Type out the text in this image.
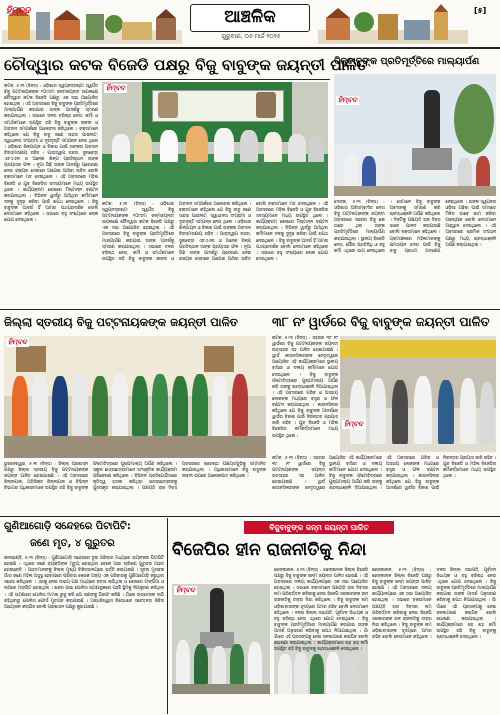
ହିମ୍ବଦ	ଆଞ୍ଚଳିକ
ଗୁରୁବାର, ୦୬ ମାର୍ଚ୍ଚ ୨୦୨୫
[୫]
ଚୌଦ୍ୱାର କଟକ ବିଜେଡି ପକ୍ଷରୁ ବିଜୁ ବାବୁଙ୍କ ଜୟନ୍ତୀ ପାଳିତ
ହିମ୍ବଦ
କଟକ, ୫।୩ (ବିନ୍ସ) : ଓଡ଼ିଶାର ସ୍ୱପ୍ନଦ୍ରଷ୍ଟା ସ୍ୱର୍ଗତ ବିଜୁ ପଟ୍ଟନାୟକଙ୍କ ୧୦୯ତମ ଜନ୍ମଜୟନ୍ତୀ ଉପଲକ୍ଷେ ଚୌଦ୍ୱାର କଟକ ବିଜେଡି ପକ୍ଷରୁ ଏକ ସଭା ଆୟୋଜିତ ହୋଇଥିଲା । ଏହି ଅବସରରେ ବିଜୁ ବାବୁଙ୍କ ପ୍ରତିମୂର୍ତ୍ତିରେ ମାଲ୍ୟାର୍ପଣ କରାଯାଇ ତାଙ୍କ ଆଦର୍ଶକୁ ସ୍ମରଣ କରାଯାଇଥିଲା । ସଭାରେ ଦଳର ବରିଷ୍ଠ ନେତା, କର୍ମୀ ଓ ସମର୍ଥକମାନେ ଉପସ୍ଥିତ ରହି ବିଜୁ ବାବୁଙ୍କ ଜୀବନୀ ଓ ଅବଦାନ ସମ୍ପର୍କରେ ଆଲୋଚନା କରିଥିଲେ । ବକ୍ତାମାନେ କହିଥିଲେ ଯେ ବିଜୁ ବାବୁ ଜଣେ ସାହସୀ ପାଇଲଟ, ସ୍ୱାଧୀନତା ସଂଗ୍ରାମୀ ଓ ଦୂରଦୃଷ୍ଟି ସମ୍ପନ୍ନ ନେତା ଥିଲେ । ଓଡ଼ିଶାର ଶିଳ୍ପାୟନ ଓ ବିକାଶ ପାଇଁ ତାଙ୍କର ଅବଦାନ ଚିରସ୍ମରଣୀୟ ରହିବ । ପାରାଦ୍ୱୀପ ବନ୍ଦର, ସୁନାବେଡ଼ା ଏଚଏଏଲ ଓ ଅନେକ ଶିଳ୍ପ ପ୍ରତିଷ୍ଠାନ ତାଙ୍କ ପ୍ରୟାସର ଫଳ । ନୂଆ ପିଢ଼ି ତାଙ୍କ ଆଦର୍ଶରୁ ପ୍ରେରଣା ନେଇ ରାଜ୍ୟର ସେବାରେ ଆଗେଇ ଆସିବା ଉଚିତ ବୋଲି ବକ୍ତାମାନେ ମତ ଦେଇଥିଲେ । ଏହି ଅବସରରେ ମହିଳା ବିଜେଡି ଓ ଯୁବ ବିଜେଡିର ସଦସ୍ୟମାନେ ମଧ୍ୟ ଉପସ୍ଥିତ ଥିଲେ । କାର୍ଯ୍ୟକ୍ରମ ଶେଷରେ ମିଷ୍ଟାନ୍ନ ବଣ୍ଟନ କରାଯାଇଥିଲା । ବିଭିନ୍ନ ୱାର୍ଡରୁ ଆସିଥିବା କର୍ମୀମାନେ ଦଳକୁ ସୁଦୃଢ଼ କରିବା ପାଇଁ ଶପଥ ନେଇଥିଲେ । ବିଜୁ ବାବୁଙ୍କ ଆଦର୍ଶ ହିଁ ଆମର ପଥପ୍ରଦର୍ଶକ ବୋଲି ନେତାମାନେ କହିଥିଲେ । ସଭାରେ ବହୁ ସଂଖ୍ୟାରେ ଲୋକ ଯୋଗ ଦେଇଥିଲେ ।
କଟକ, ୫।୩ (ବିନ୍ସ) : ଓଡ଼ିଶାର ସ୍ୱପ୍ନଦ୍ରଷ୍ଟା ସ୍ୱର୍ଗତ ବିଜୁ ପଟ୍ଟନାୟକଙ୍କ ୧୦୯ତମ ଜନ୍ମଜୟନ୍ତୀ ଉପଲକ୍ଷେ ଚୌଦ୍ୱାର କଟକ ବିଜେଡି ପକ୍ଷରୁ ଏକ ସଭା ଆୟୋଜିତ ହୋଇଥିଲା । ଏହି ଅବସରରେ ବିଜୁ ବାବୁଙ୍କ ପ୍ରତିମୂର୍ତ୍ତିରେ ମାଲ୍ୟାର୍ପଣ କରାଯାଇ ତାଙ୍କ ଆଦର୍ଶକୁ ସ୍ମରଣ କରାଯାଇଥିଲା । ସଭାରେ ଦଳର ବରିଷ୍ଠ ନେତା, କର୍ମୀ ଓ ସମର୍ଥକମାନେ ଉପସ୍ଥିତ ରହି ବିଜୁ ବାବୁଙ୍କ ଜୀବନୀ ଓ ଅବଦାନ ସମ୍ପର୍କରେ ଆଲୋଚନା କରିଥିଲେ । ବକ୍ତାମାନେ କହିଥିଲେ ଯେ ବିଜୁ ବାବୁ ଜଣେ ସାହସୀ ପାଇଲଟ, ସ୍ୱାଧୀନତା ସଂଗ୍ରାମୀ ଓ ଦୂରଦୃଷ୍ଟି ସମ୍ପନ୍ନ ନେତା ଥିଲେ । ଓଡ଼ିଶାର ଶିଳ୍ପାୟନ ଓ ବିକାଶ ପାଇଁ ତାଙ୍କର ଅବଦାନ ଚିରସ୍ମରଣୀୟ ରହିବ । ପାରାଦ୍ୱୀପ ବନ୍ଦର, ସୁନାବେଡ଼ା ଏଚଏଏଲ ଓ ଅନେକ ଶିଳ୍ପ ପ୍ରତିଷ୍ଠାନ ତାଙ୍କ ପ୍ରୟାସର ଫଳ । ନୂଆ ପିଢ଼ି ତାଙ୍କ ଆଦର୍ଶରୁ ପ୍ରେରଣା ନେଇ ରାଜ୍ୟର ସେବାରେ ଆଗେଇ ଆସିବା ଉଚିତ ବୋଲି ବକ୍ତାମାନେ ମତ ଦେଇଥିଲେ । ଏହି ଅବସରରେ ମହିଳା ବିଜେଡି ଓ ଯୁବ ବିଜେଡିର ସଦସ୍ୟମାନେ ମଧ୍ୟ ଉପସ୍ଥିତ ଥିଲେ । କାର୍ଯ୍ୟକ୍ରମ ଶେଷରେ ମିଷ୍ଟାନ୍ନ ବଣ୍ଟନ କରାଯାଇଥିଲା । ବିଭିନ୍ନ ୱାର୍ଡରୁ ଆସିଥିବା କର୍ମୀମାନେ ଦଳକୁ ସୁଦୃଢ଼ କରିବା ପାଇଁ ଶପଥ ନେଇଥିଲେ । ବିଜୁ ବାବୁଙ୍କ ଆଦର୍ଶ ହିଁ ଆମର ପଥପ୍ରଦର୍ଶକ ବୋଲି ନେତାମାନେ କହିଥିଲେ । ସଭାରେ ବହୁ ସଂଖ୍ୟାରେ ଲୋକ ଯୋଗ ଦେଇଥିଲେ ।
ବିଜୁବାବୁଙ୍କ ପ୍ରତିମୂର୍ତ୍ତିରେ ମାଲ୍ୟାର୍ପଣ
ହିମ୍ବଦ
ଦେଙ୍କ, ୫।୩ (ବିନ୍ସ) : ଓଡ଼ିଶାର ଅବିସମ୍ବାଦିତ ନେତା ବିଜୁ ପଟ୍ଟନାୟକଙ୍କ ଜୟନ୍ତୀ ଅବସରରେ ସହରର ବିଜୁ ଛକ ଠାରେ ଥିବା ତାଙ୍କ ପ୍ରତିମୂର୍ତ୍ତିରେ ମାଲ୍ୟାର୍ପଣ କରାଯାଇଥିଲା । ସ୍ଥାନୀୟ ବିଜେଡି ନେତା, ପୌର ପ୍ରତିନିଧି ଓ ବହୁ କର୍ମୀ ଏଥିରେ ଭାଗ ନେଇଥିଲେ । ସେମାନେ ବିଜୁ ବାବୁଙ୍କ ଅବଦାନକୁ ସ୍ମରଣ କରି ଶ୍ରଦ୍ଧାଞ୍ଜଳି ଅର୍ପଣ କରିଥିଲେ । ଦିନଟିକୁ ପଞ୍ଚାୟତି ରାଜ ଦିବସ ଭାବେ ପାଳନ କରାଯାଉଛି ବୋଲି ବକ୍ତାମାନେ କହିଥିଲେ । ଗ୍ରାମାଞ୍ଚଳରେ ମହିଳାମାନଙ୍କୁ କ୍ଷମତାୟନ ଦେବା ପାଇଁ ବିଜୁ ବାବୁ ପ୍ରଥମ ପଦକ୍ଷେପ ନେଇଥିଲେ । ତାଙ୍କ ସ୍ୱପ୍ନର ଓଡ଼ିଶା ଗଢ଼ିବା ପାଇଁ ସମସ୍ତେ ମିଳିତ ଭାବେ କାମ କରିବା ଆବଶ୍ୟକ ବୋଲି ନେତାମାନେ ଆହ୍ୱାନ ଦେଇଥିଲେ । ଏହି ଅବସରରେ ଶ୍ରମିକ ସଂଗଠନ ପକ୍ଷରୁ ମଧ୍ୟ ଶ୍ରଦ୍ଧାଞ୍ଜଳି ଅର୍ପଣ କରାଯାଇଥିଲା ।
ଜିଲ୍ଲା ସ୍ତରୀୟ ବିଜୁ ପଟ୍ଟନାୟକଙ୍କ ଜୟନ୍ତୀ ପାଳିତ
ହିମ୍ବଦ
ଭୁବନେଶ୍ୱର, ୫।୩ (ବିନ୍ସ) : ଜିଲ୍ଲା ପ୍ରଶାସନ ପକ୍ଷରୁ ଜିଲ୍ଲା ସ୍ତରୀୟ ବିଜୁ ପଟ୍ଟନାୟକଙ୍କ ଜୟନ୍ତୀ ପାଳିତ ହୋଇଯାଇଛି । ଏହି ଅବସରରେ ଜିଲ୍ଲାପାଳ, ଅତିରିକ୍ତ ଜିଲ୍ଲାପାଳ ଓ ବିଭିନ୍ନ ବିଭାଗର ଅଧିକାରୀମାନେ ଉପସ୍ଥିତ ରହି ବିଜୁ ବାବୁଙ୍କ ଫଟୋଚିତ୍ରରେ ପୁଷ୍ପମାଲ୍ୟ ଅର୍ପଣ କରିଥିଲେ । ସ୍କୁଲ ଛାତ୍ରଛାତ୍ରୀମାନେ ସାଂସ୍କୃତିକ କାର୍ଯ୍ୟକ୍ରମ ପରିବେଷଣ କରିଥିଲେ । ବିଭିନ୍ନ ପ୍ରତିଯୋଗିତାରେ କୃତିତ୍ୱ ହାସଲ କରିଥିବା ଛାତ୍ରଛାତ୍ରୀଙ୍କୁ ପୁରସ୍କୃତ କରାଯାଇଥିଲା । ପଞ୍ଚାୟତି ରାଜ ଦିବସ ଅବସରରେ ଶ୍ରେଷ୍ଠ ପଞ୍ଚାୟତଗୁଡ଼ିକୁ ସମ୍ମାନିତ କରାଯାଇଥିଲା । ଅଧିକାରୀମାନେ ବିଜୁ ବାବୁଙ୍କ ଜୀବନୀ ଉପରେ ଆଲୋକପାତ କରିଥିଲେ ।
୩୮ ନଂ ୱାର୍ଡରେ ବିଜୁ ବାବୁଙ୍କ ଜୟନ୍ତୀ ପାଳିତ
କଟକ, ୫।୩ (ବିନ୍ସ) : ସହରର ୩୮ ନଂ ୱାର୍ଡରେ ବିଜୁ ପଟ୍ଟନାୟକଙ୍କ ଜୟନ୍ତୀ ଉତ୍ସାହର ସହ ପାଳିତ ହୋଇଯାଇଛି । ୱାର୍ଡ କାଉନସିଲରଙ୍କ ନେତୃତ୍ୱରେ ଆୟୋଜିତ ଏହି କାର୍ଯ୍ୟକ୍ରମରେ ସ୍ଥାନୀୟ ବାସିନ୍ଦା ଓ ଦଳୀୟ କର୍ମୀମାନେ ଯୋଗ ଦେଇଥିଲେ । ବିଜୁ ବାବୁଙ୍କ ଫଟୋଚିତ୍ରରେ ପୁଷ୍ପମାଲ୍ୟ ଅର୍ପଣ କରି ତାଙ୍କୁ ଶ୍ରଦ୍ଧାଞ୍ଜଳି ଦିଆଯାଇଥିଲା । ଏହି ଅବସରରେ ଗରିବ ଓ ଅସହାୟ ଲୋକଙ୍କ ମଧ୍ୟରେ ବସ୍ତ୍ର ଓ ଫଳ ବଣ୍ଟନ କରାଯାଇଥିଲା । କାଉନସିଲର କହିଥିଲେ ଯେ ବିଜୁ ବାବୁଙ୍କ ଆଦର୍ଶରେ ୱାର୍ଡର ବିକାଶ ପାଇଁ ନିରନ୍ତର ପ୍ରୟାସ ଜାରି ରହିବ । ଯୁବ ବିଜେଡି ଓ ମହିଳା ବିଜେଡିର କର୍ମକର୍ତ୍ତାମାନେ ମଧ୍ୟ ଉପସ୍ଥିତ ଥିଲେ ।
ହିମ୍ବଦ
କଟକ, ୫।୩ (ବିନ୍ସ) : ସହରର ୩୮ ନଂ ୱାର୍ଡରେ ବିଜୁ ପଟ୍ଟନାୟକଙ୍କ ଜୟନ୍ତୀ ଉତ୍ସାହର ସହ ପାଳିତ ହୋଇଯାଇଛି । ୱାର୍ଡ କାଉନସିଲରଙ୍କ ନେତୃତ୍ୱରେ ଆୟୋଜିତ ଏହି କାର୍ଯ୍ୟକ୍ରମରେ ସ୍ଥାନୀୟ ବାସିନ୍ଦା ଓ ଦଳୀୟ କର୍ମୀମାନେ ଯୋଗ ଦେଇଥିଲେ । ବିଜୁ ବାବୁଙ୍କ ଫଟୋଚିତ୍ରରେ ପୁଷ୍ପମାଲ୍ୟ ଅର୍ପଣ କରି ତାଙ୍କୁ ଶ୍ରଦ୍ଧାଞ୍ଜଳି ଦିଆଯାଇଥିଲା । ଏହି ଅବସରରେ ଗରିବ ଓ ଅସହାୟ ଲୋକଙ୍କ ମଧ୍ୟରେ ବସ୍ତ୍ର ଓ ଫଳ ବଣ୍ଟନ କରାଯାଇଥିଲା । କାଉନସିଲର କହିଥିଲେ ଯେ ବିଜୁ ବାବୁଙ୍କ ଆଦର୍ଶରେ ୱାର୍ଡର ବିକାଶ ପାଇଁ ନିରନ୍ତର ପ୍ରୟାସ ଜାରି ରହିବ । ଯୁବ ବିଜେଡି ଓ ମହିଳା ବିଜେଡିର କର୍ମକର୍ତ୍ତାମାନେ ମଧ୍ୟ ଉପସ୍ଥିତ ଥିଲେ ।
ଗୁଣିଆଗୋଡ଼ି ସନ୍ଦେହରେ ପିଟାପିଟି:
ଜଣେ ମୃତ, ୪ ଗୁରୁତର
କାଳାହାଣ୍ଡି, ୫।୩ (ବିନ୍ସ) : ଗୁଣିଆଗୋଡ଼ି ସନ୍ଦେହରେ ଦୁଇ ପରିବାର ମଧ୍ୟରେ ଭୟଙ୍କର ପିଟାପିଟି ହୋଇଛି । ଏଥିରେ ଜଣେ ବ୍ୟକ୍ତିଙ୍କ ମୃତ୍ୟୁ ହୋଇଥିବା ବେଳେ ଆଉ ଚାରିଜଣ ଗୁରୁତର ଆହତ ହୋଇଛନ୍ତି । ଆହତମାନଙ୍କୁ ଜିଲ୍ଲା ମୁଖ୍ୟ ଚିକିତ୍ସାଳୟରେ ଭର୍ତ୍ତି କରାଯାଇଛି । ସୂଚନା ମୁତାବକ ଗାଁର ଜଣେ ମହିଳା ଅସୁସ୍ଥ ହେବାପରେ ପରିବାର ଲୋକେ ଅନ୍ୟ ଏକ ପରିବାରକୁ ଗୁଣିଆଗୋଡ଼ି କରୁଥିବା ସନ୍ଦେହ କରିଥିଲେ । ଏହାକୁ ନେଇ ଉଭୟ ପକ୍ଷ ମଧ୍ୟରେ ବଚସା ଲାଗିଥିଲା ଓ ଶେଷରେ ଟାଙ୍ଗିଆ ଓ ଲାଠିରେ ମାଡ଼ପିଟ ହୋଇଥିଲା । ଖବର ପାଇ ପୋଲିସ ଘଟଣାସ୍ଥଳରେ ପହଞ୍ଚି ସ୍ଥିତିକୁ ନିୟନ୍ତ୍ରଣ କରିଥିଲା । ଏହି ଘଟଣାରେ ପୋଲିସ ମାମଲା ରୁଜୁ କରି ଛଅ ଜଣଙ୍କୁ ଗିରଫ କରିଛି । ଗାଁରେ ଉତ୍ତେଜନା ଲାଗି ରହିଥିବାରୁ ପୋଲିସ ଫୋର୍ସ ମୁତୟନ କରାଯାଇଛି । ଅନ୍ଧବିଶ୍ୱାସ ବିରୋଧରେ ସଚେତନତା ଶିବିର ଆୟୋଜନ କରାଯିବ ବୋଲି ପ୍ରଶାସନ ପକ୍ଷରୁ କୁହାଯାଇଛି ।
ବିଜୁବାବୁଙ୍କ ଜନ୍ମ ଜୟନ୍ତୀ ପାଳିତ
ବିଜେପିର ହୀନ ରାଜନୀତିକୁ ନିନ୍ଦା
ହିମ୍ବଦ
ଢେଙ୍କାନାଳ, ୫।୩ (ବିନ୍ସ) : ଢେଙ୍କାନାଳ ଜିଲ୍ଲା ବିଜେଡି ପକ୍ଷରୁ ବିଜୁ ବାବୁଙ୍କ ଜନ୍ମ ଜୟନ୍ତୀ ପାଳିତ ହୋଇଛି । ଏହି ଅବସରରେ ଦଳୀୟ କାର୍ଯ୍ୟାଳୟରେ ଏକ ସଭା ଆୟୋଜିତ ହୋଇଥିଲା । ସଭାରେ ବକ୍ତାମାନେ ପଞ୍ଚାୟତି ରାଜ ଦିବସର ନାମ ପରିବର୍ତ୍ତନ କରିବାକୁ ନେଇ ବିଜେପି ସରକାରଙ୍କ ହୀନ ରାଜନୀତିକୁ ତୀବ୍ର ନିନ୍ଦା କରିଥିଲେ । ବିଜୁ ବାବୁଙ୍କ ନାମ ଓଡ଼ିଶାବାସୀଙ୍କ ହୃଦୟରେ ଅମର ରହିବ ବୋଲି ନେତାମାନେ କହିଥିଲେ । ଦଳର ଜିଲ୍ଲା ସଭାପତି, ପୂର୍ବତନ ବିଧାୟକ ଓ ବହୁ ବରିଷ୍ଠ ନେତା ଏଥିରେ ଯୋଗ ଦେଇଥିଲେ । ବିଜୁ ବାବୁଙ୍କ ପ୍ରତିମୂର୍ତ୍ତିରେ ମାଲ୍ୟାର୍ପଣ କରାଯାଇ ତାଙ୍କ ଆଦର୍ଶ ଅନୁସରଣ କରିବାକୁ ଶପଥ ନିଆଯାଇଥିଲା । ଗାଁ ଗାଁରେ ଏହି ପ୍ରସଙ୍ଗକୁ ନେଇ ଜନଜାଗରଣ କରାଯିବ ବୋଲି ଘୋଷଣା କରାଯାଇଥିଲା । କାର୍ଯ୍ୟକ୍ରମରେ ଶହ ଶହ କର୍ମୀ ଉପସ୍ଥିତ ରହି ବିଜୁ ବାବୁଙ୍କୁ ଶ୍ରଦ୍ଧାଞ୍ଜଳି ଦେଇଥିଲେ ।
ଢେଙ୍କାନାଳ, ୫।୩ (ବିନ୍ସ) : ଢେଙ୍କାନାଳ ଜିଲ୍ଲା ବିଜେଡି ପକ୍ଷରୁ ବିଜୁ ବାବୁଙ୍କ ଜନ୍ମ ଜୟନ୍ତୀ ପାଳିତ ହୋଇଛି । ଏହି ଅବସରରେ ଦଳୀୟ କାର୍ଯ୍ୟାଳୟରେ ଏକ ସଭା ଆୟୋଜିତ ହୋଇଥିଲା । ସଭାରେ ବକ୍ତାମାନେ ପଞ୍ଚାୟତି ରାଜ ଦିବସର ନାମ ପରିବର୍ତ୍ତନ କରିବାକୁ ନେଇ ବିଜେପି ସରକାରଙ୍କ ହୀନ ରାଜନୀତିକୁ ତୀବ୍ର ନିନ୍ଦା କରିଥିଲେ । ବିଜୁ ବାବୁଙ୍କ ନାମ ଓଡ଼ିଶାବାସୀଙ୍କ ହୃଦୟରେ ଅମର ରହିବ ବୋଲି ନେତାମାନେ କହିଥିଲେ । ଦଳର ଜିଲ୍ଲା ସଭାପତି, ପୂର୍ବତନ ବିଧାୟକ ଓ ବହୁ ବରିଷ୍ଠ ନେତା ଏଥିରେ ଯୋଗ ଦେଇଥିଲେ । ବିଜୁ ବାବୁଙ୍କ ପ୍ରତିମୂର୍ତ୍ତିରେ ମାଲ୍ୟାର୍ପଣ କରାଯାଇ ତାଙ୍କ ଆଦର୍ଶ ଅନୁସରଣ କରିବାକୁ ଶପଥ ନିଆଯାଇଥିଲା । ଗାଁ ଗାଁରେ ଏହି ପ୍ରସଙ୍ଗକୁ ନେଇ ଜନଜାଗରଣ କରାଯିବ ବୋଲି ଘୋଷଣା କରାଯାଇଥିଲା । କାର୍ଯ୍ୟକ୍ରମରେ ଶହ ଶହ କର୍ମୀ ଉପସ୍ଥିତ ରହି ବିଜୁ ବାବୁଙ୍କୁ ଶ୍ରଦ୍ଧାଞ୍ଜଳି ଦେଇଥିଲେ ।
